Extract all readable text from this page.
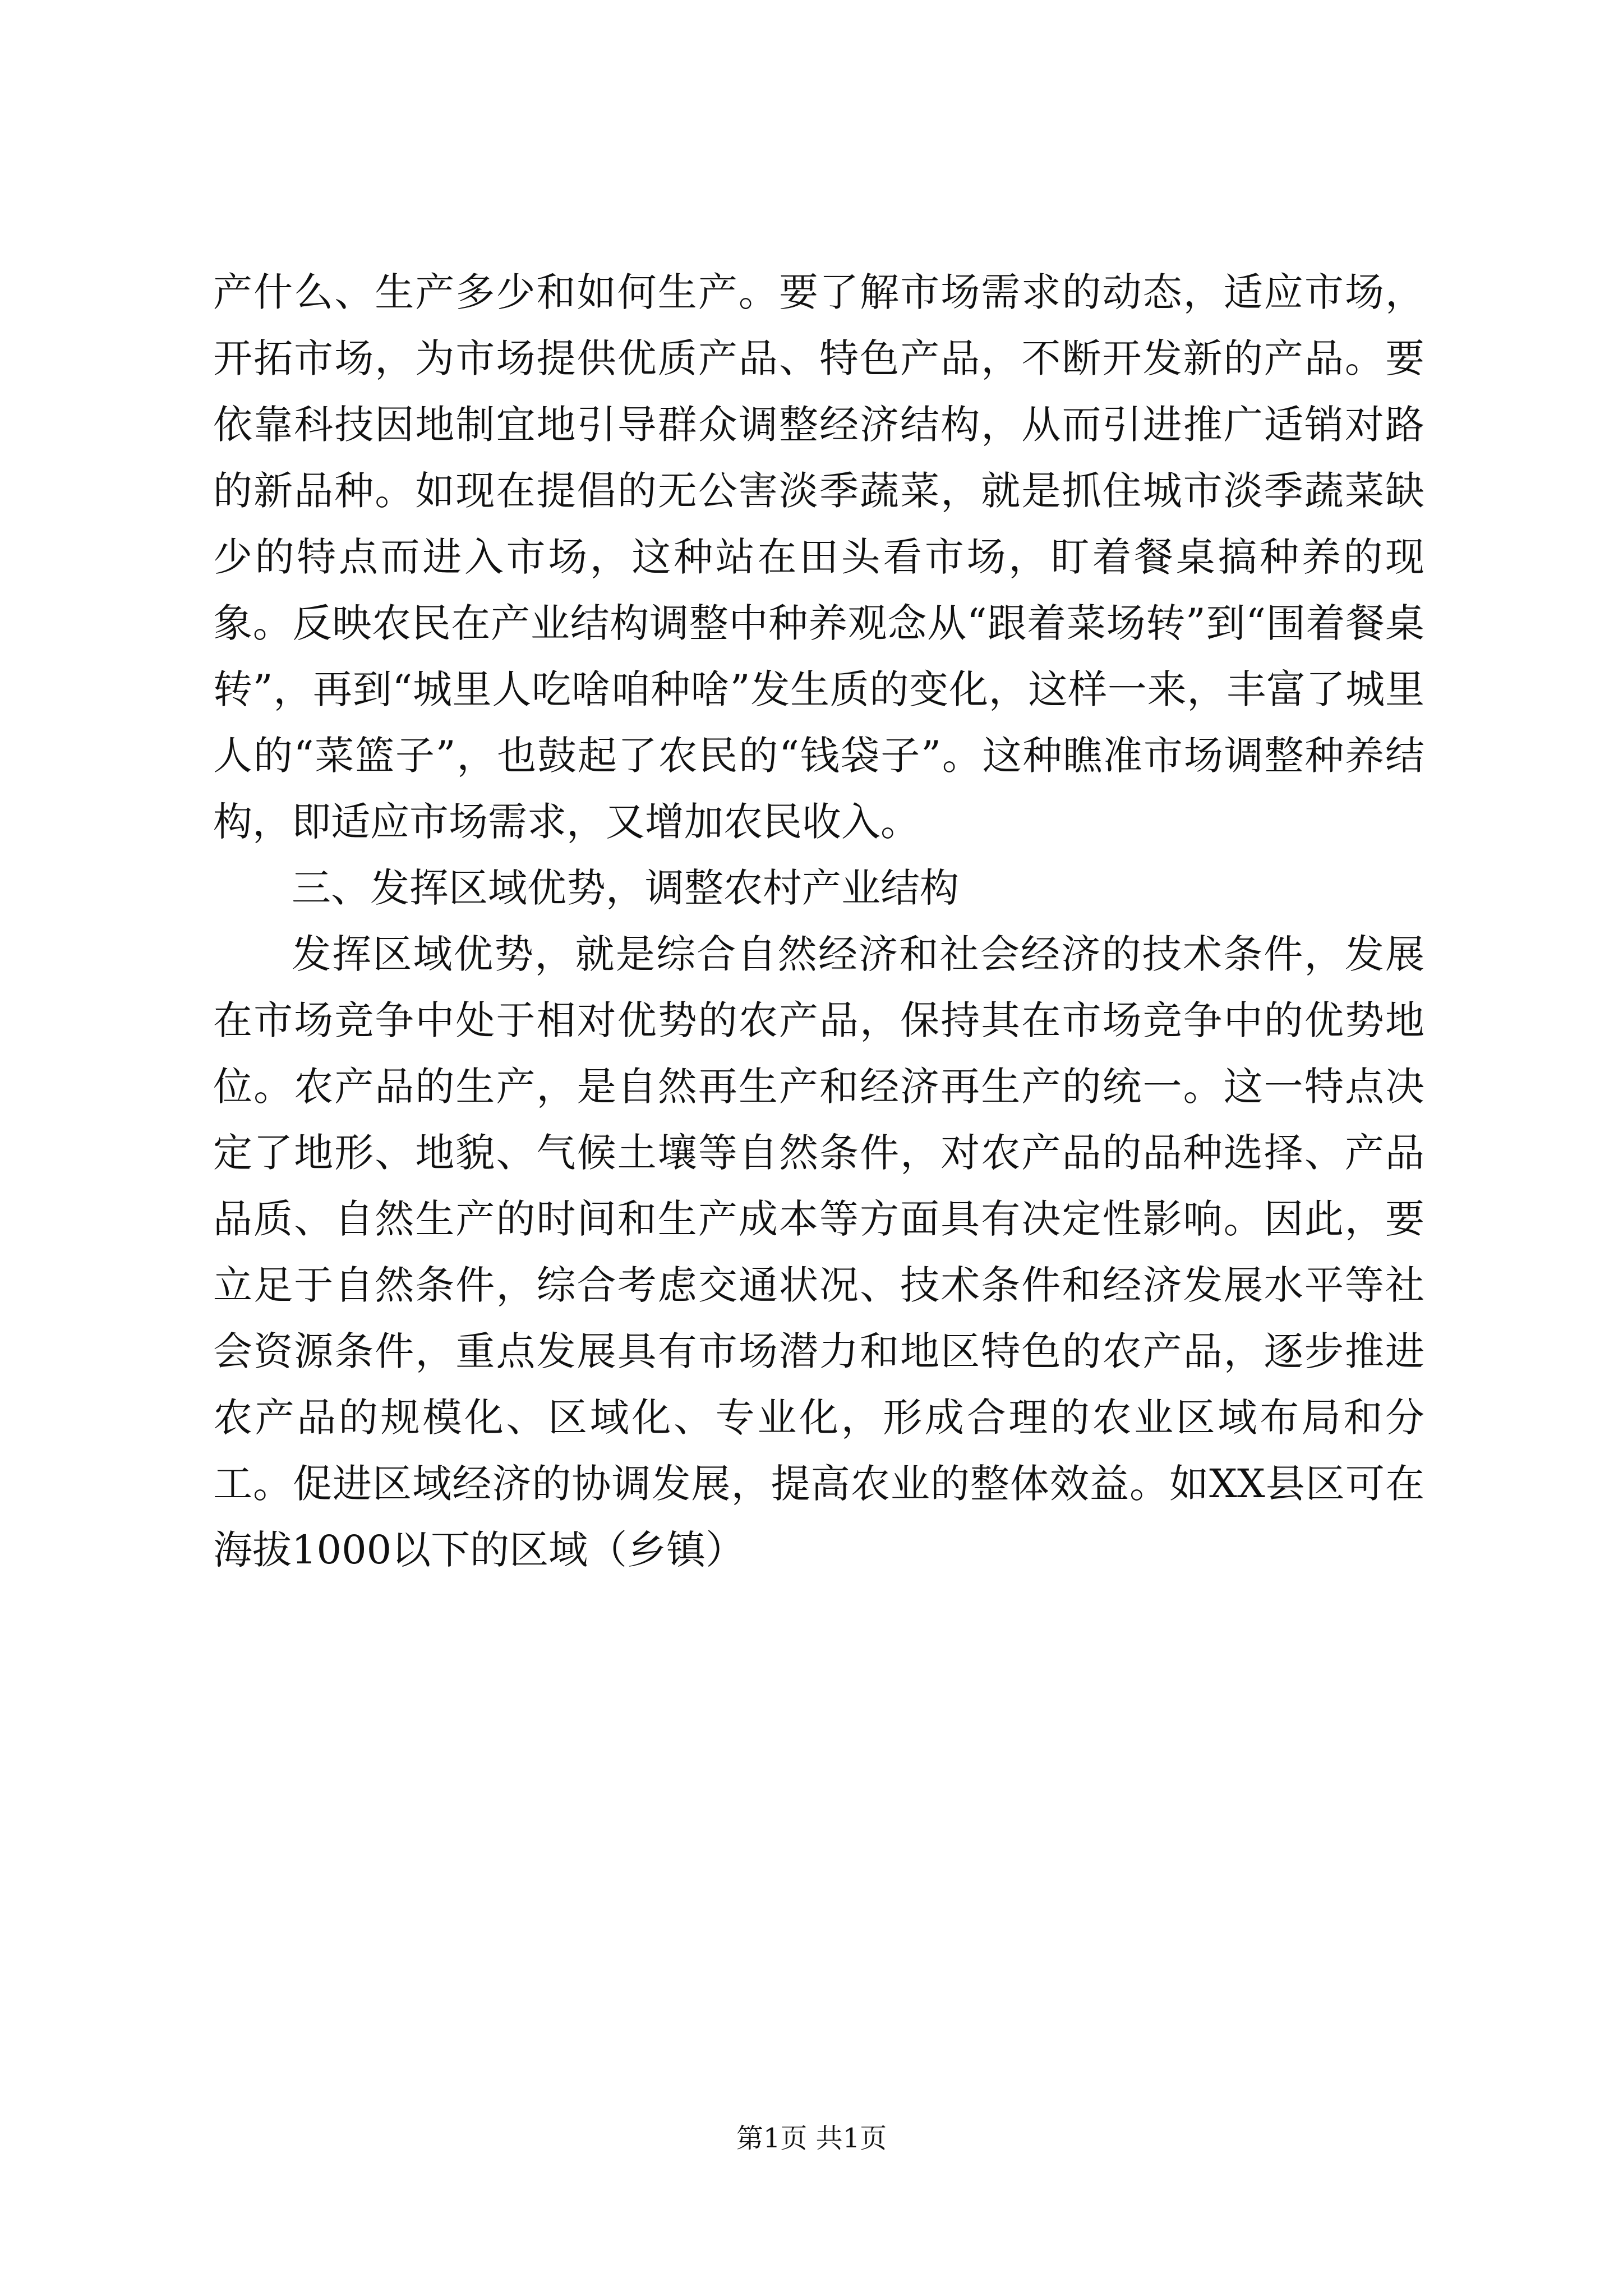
产什么、生产多少和如何生产。要了解市场需求的动态，适应市场，开拓市场，为市场提供优质产品、特色产品，不断开发新的产品。要依靠科技因地制宜地引导群众调整经济结构，从而引进推广适销对路的新品种。如现在提倡的无公害淡季蔬菜，就是抓住城市淡季蔬菜缺少的特点而进入市场，这种站在田头看市场，盯着餐桌搞种养的现象。反映农民在产业结构调整中种养观念从“跟着菜场转”到“围着餐桌转”，再到“城里人吃啥咱种啥”发生质的变化，这样一来，丰富了城里人的“菜篮子”，也鼓起了农民的“钱袋子”。这种瞧准市场调整种养结构，即适应市场需求，又增加农民收入。

三、发挥区域优势，调整农村产业结构

发挥区域优势，就是综合自然经济和社会经济的技术条件，发展在市场竞争中处于相对优势的农产品，保持其在市场竞争中的优势地位。农产品的生产，是自然再生产和经济再生产的统一。这一特点决定了地形、地貌、气候土壤等自然条件，对农产品的品种选择、产品品质、自然生产的时间和生产成本等方面具有决定性影响。因此，要立足于自然条件，综合考虑交通状况、技术条件和经济发展水平等社会资源条件，重点发展具有市场潜力和地区特色的农产品，逐步推进农产品的规模化、区域化、专业化，形成合理的农业区域布局和分工。促进区域经济的协调发展，提高农业的整体效益。如XX县区可在海拔1000以下的区域（乡镇）

第1页 共1页
